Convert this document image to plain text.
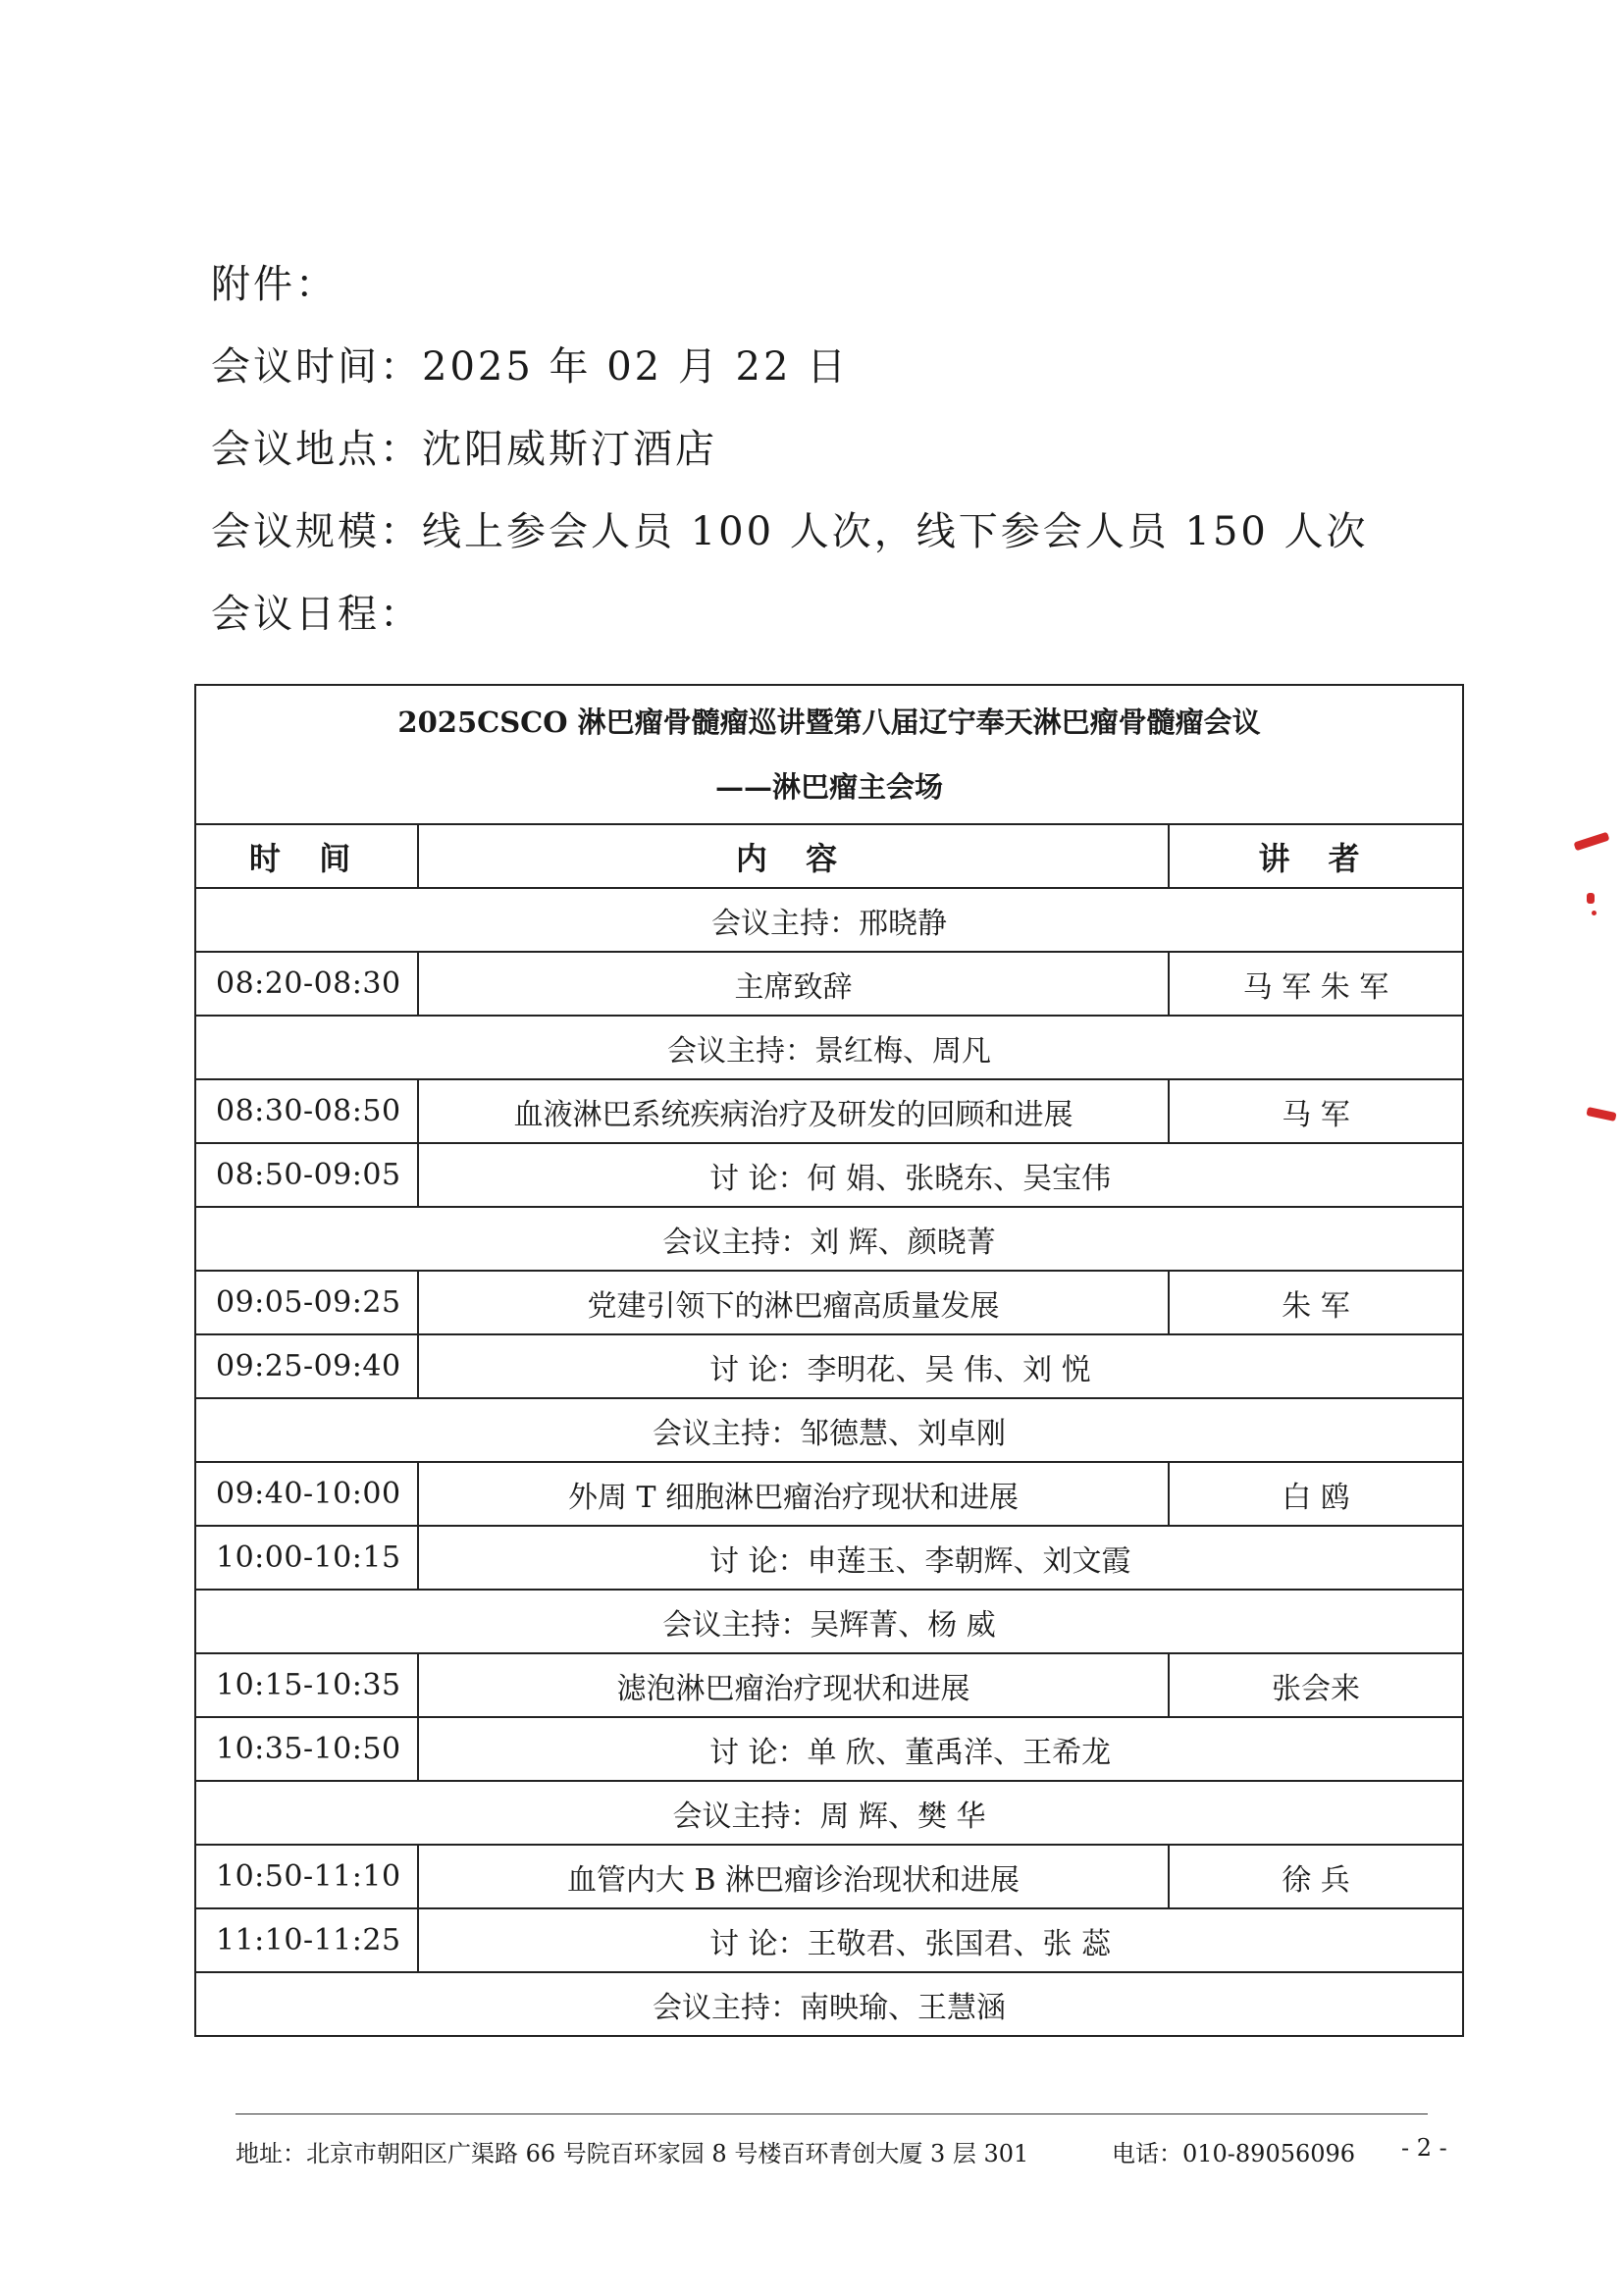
附件：
会议时间：2025 年 02 月 22 日
会议地点：沈阳威斯汀酒店
会议规模：线上参会人员 100 人次，线下参会人员 150 人次
会议日程：
2025CSCO 淋巴瘤骨髓瘤巡讲暨第八届辽宁奉天淋巴瘤骨髓瘤会议
——淋巴瘤主会场		

时 间	内 容	讲 者
会议主持：邢晓静		
08:20-08:30	主席致辞	马 军 朱 军
会议主持：景红梅、周凡		
08:30-08:50	血液淋巴系统疾病治疗及研发的回顾和进展	马 军
08:50-09:05	讨 论：何 娟、张晓东、吴宝伟	
会议主持：刘 辉、颜晓菁		
09:05-09:25	党建引领下的淋巴瘤高质量发展	朱 军
09:25-09:40	讨 论：李明花、吴 伟、刘 悦	
会议主持：邹德慧、刘卓刚		
09:40-10:00	外周 T 细胞淋巴瘤治疗现状和进展	白 鸥
10:00-10:15	讨 论：申莲玉、李朝辉、刘文霞	
会议主持：吴辉菁、杨 威		
10:15-10:35	滤泡淋巴瘤治疗现状和进展	张会来
10:35-10:50	讨 论：单 欣、董禹洋、王希龙	
会议主持：周 辉、樊 华		
10:50-11:10	血管内大 B 淋巴瘤诊治现状和进展	徐 兵
11:10-11:25	讨 论：王敬君、张国君、张 蕊	
会议主持：南映瑜、王慧涵		
地址：北京市朝阳区广渠路 66 号院百环家园 8 号楼百环青创大厦 3 层 301	电话：010-89056096 - 2 -
